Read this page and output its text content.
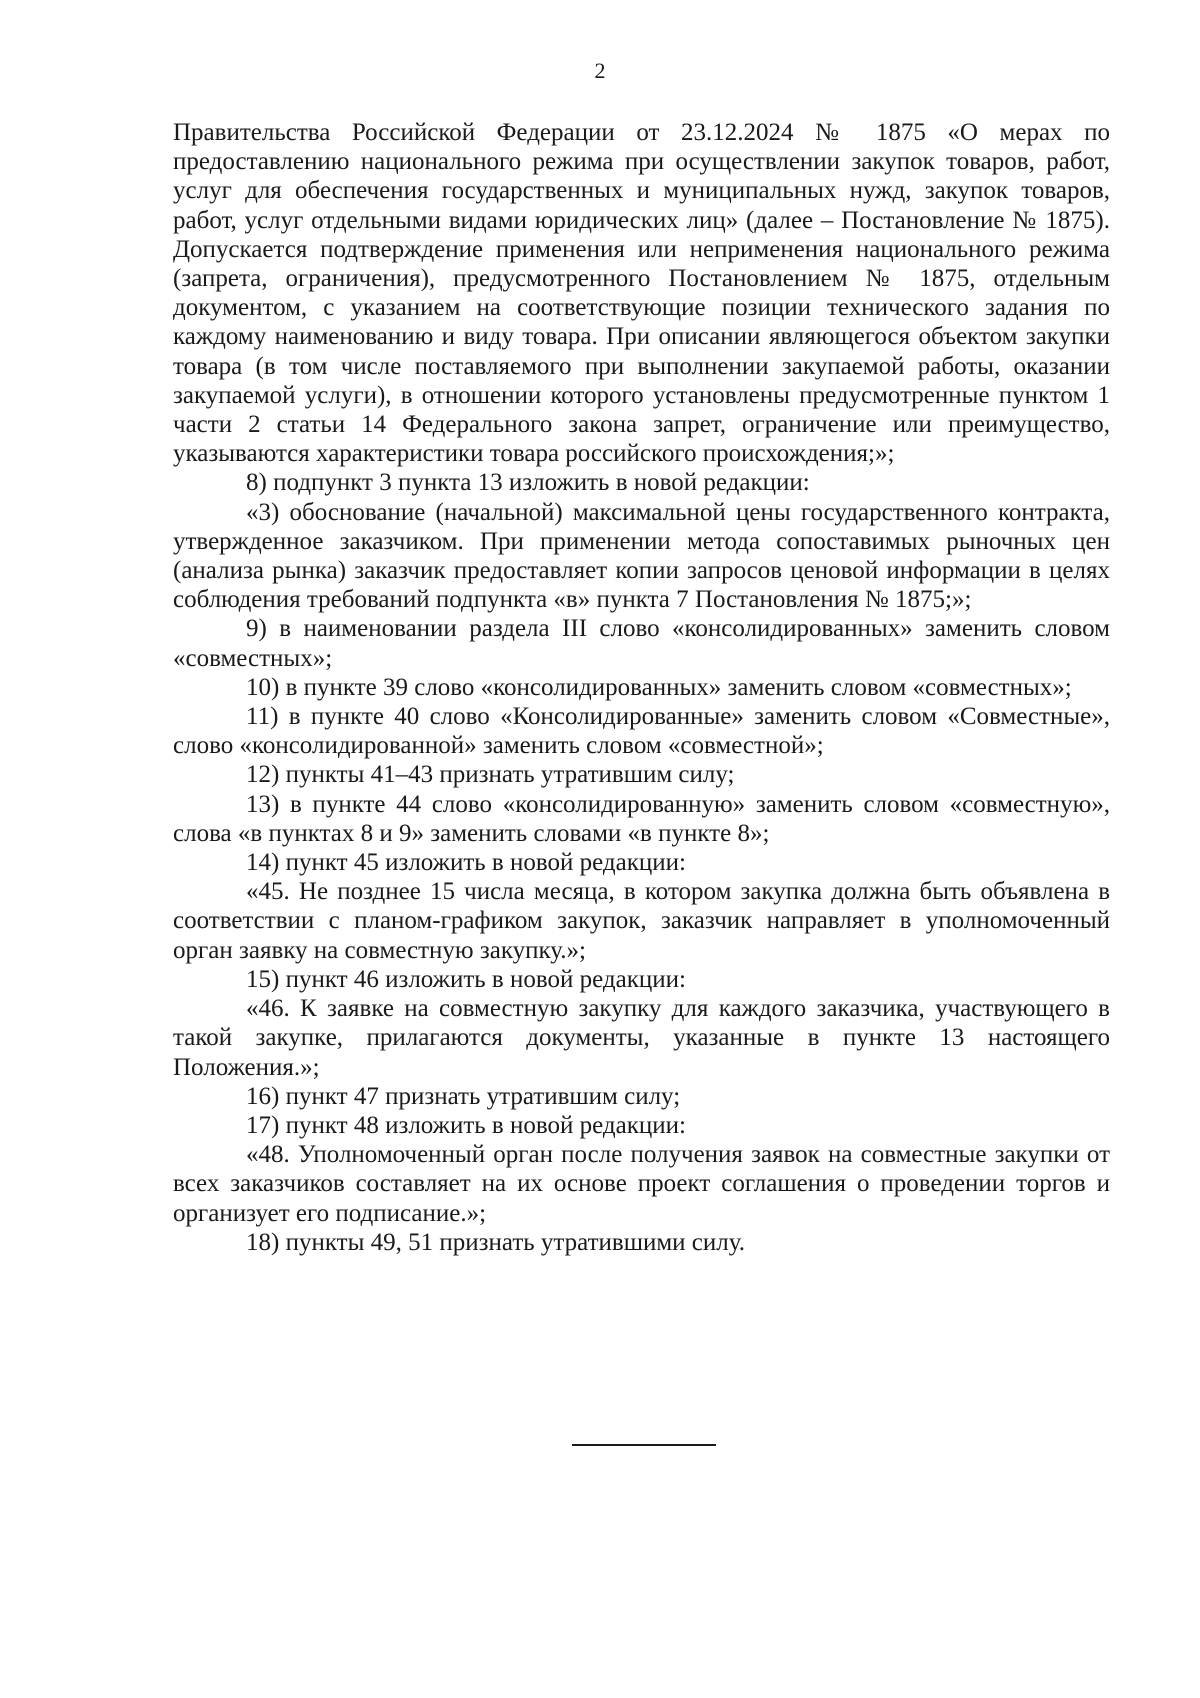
2

Правительства Российской Федерации от 23.12.2024 № 1875 «О мерах по предоставлению национального режима при осуществлении закупок товаров, работ, услуг для обеспечения государственных и муниципальных нужд, закупок товаров, работ, услуг отдельными видами юридических лиц» (далее – Постановление № 1875). Допускается подтверждение применения или неприменения национального режима (запрета, ограничения), предусмотренного Постановлением № 1875, отдельным документом, с указанием на соответствующие позиции технического задания по каждому наименованию и виду товара. При описании являющегося объектом закупки товара (в том числе поставляемого при выполнении закупаемой работы, оказании закупаемой услуги), в отношении которого установлены предусмотренные пунктом 1 части 2 статьи 14 Федерального закона запрет, ограничение или преимущество, указываются характеристики товара российского происхождения;»;

8) подпункт 3 пункта 13 изложить в новой редакции:

«3) обоснование (начальной) максимальной цены государственного контракта, утвержденное заказчиком. При применении метода сопоставимых рыночных цен (анализа рынка) заказчик предоставляет копии запросов ценовой информации в целях соблюдения требований подпункта «в» пункта 7 Постановления № 1875;»;

9) в наименовании раздела III слово «консолидированных» заменить словом «совместных»;

10) в пункте 39 слово «консолидированных» заменить словом «совместных»;

11) в пункте 40 слово «Консолидированные» заменить словом «Совместные», слово «консолидированной» заменить словом «совместной»;

12) пункты 41–43 признать утратившим силу;

13) в пункте 44 слово «консолидированную» заменить словом «совместную», слова «в пунктах 8 и 9» заменить словами «в пункте 8»;

14) пункт 45 изложить в новой редакции:

«45. Не позднее 15 числа месяца, в котором закупка должна быть объявлена в соответствии с планом-графиком закупок, заказчик направляет в уполномоченный орган заявку на совместную закупку.»;

15) пункт 46 изложить в новой редакции:

«46. К заявке на совместную закупку для каждого заказчика, участвующего в такой закупке, прилагаются документы, указанные в пункте 13 настоящего Положения.»;

16) пункт 47 признать утратившим силу;

17) пункт 48 изложить в новой редакции:

«48. Уполномоченный орган после получения заявок на совместные закупки от всех заказчиков составляет на их основе проект соглашения о проведении торгов и организует его подписание.»;

18) пункты 49, 51 признать утратившими силу.
